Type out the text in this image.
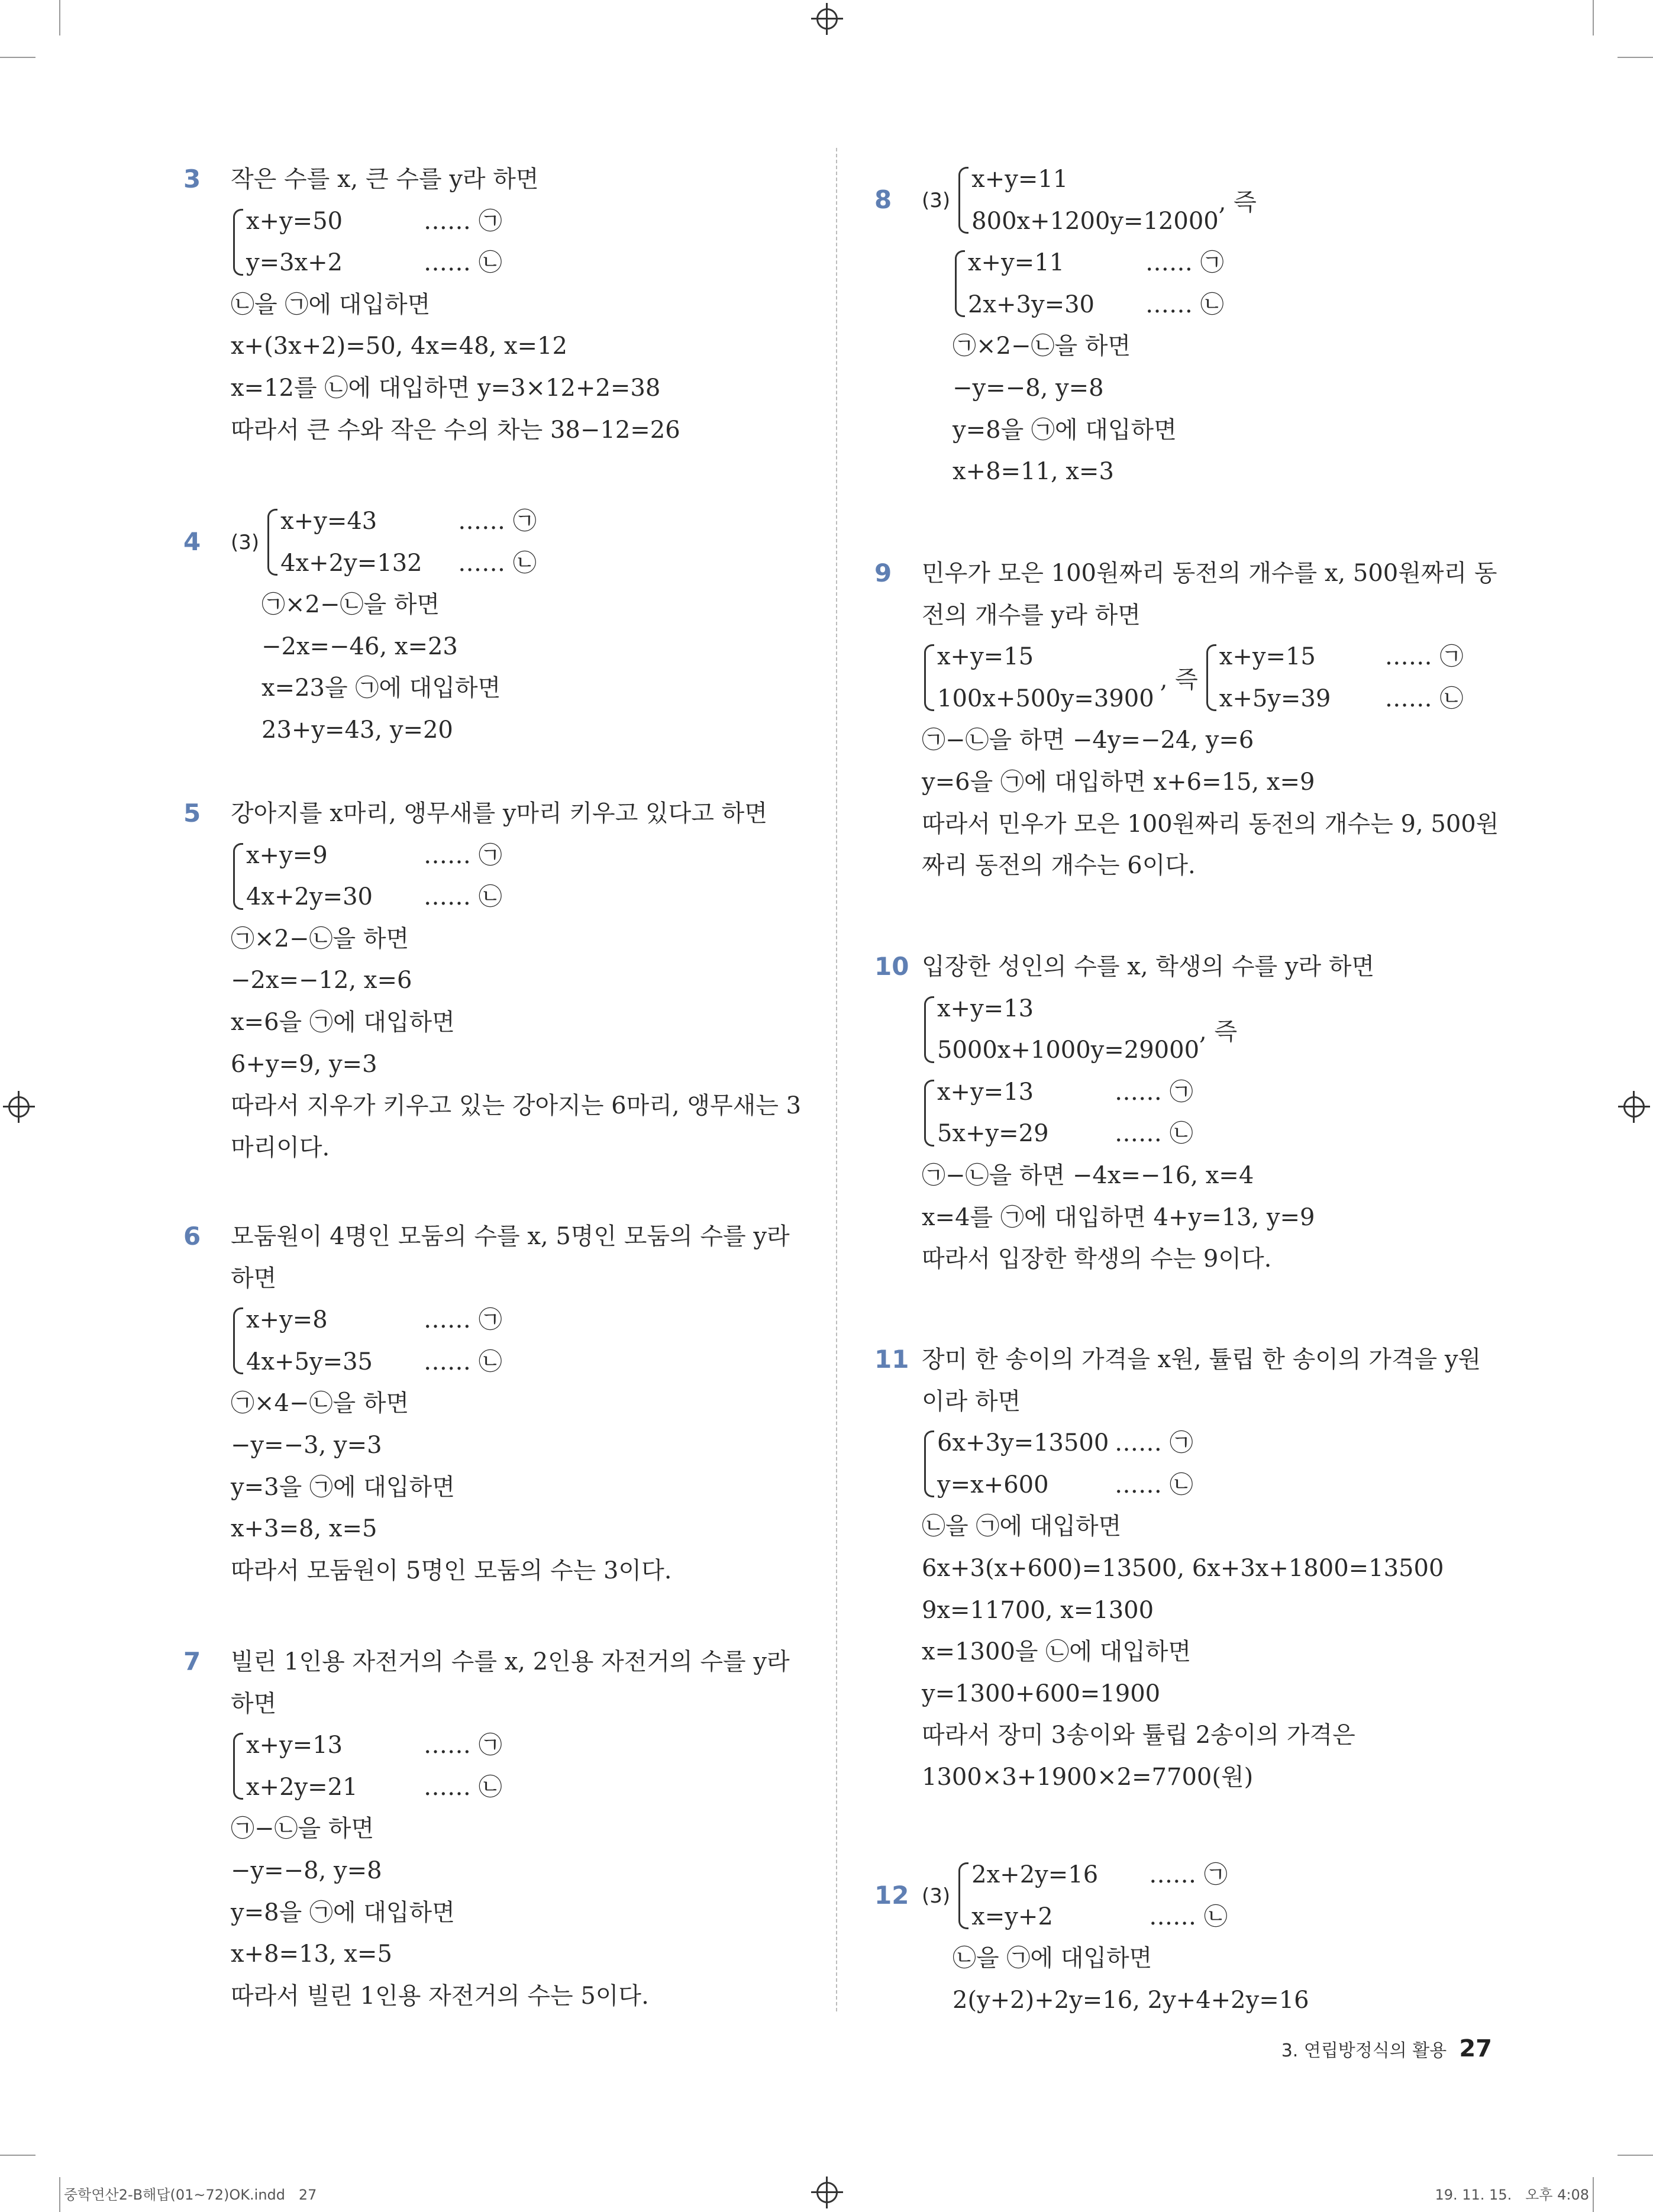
3 작은 수를 x, 큰 수를 y라 하면
x+y=50	…… ㉠
y=3x+2	…… ㉡
㉡을 ㉠에 대입하면
x+(3x+2)=50, 4x=48, x=12
x=12를 ㉡에 대입하면 y=3×12+2=38
따라서 큰 수와 작은 수의 차는 38−12=26
4 (3)
x+y=43	…… ㉠
4x+2y=132 …… ㉡
㉠×2−㉡을 하면
−2x=−46, x=23
x=23을 ㉠에 대입하면
23+y=43, y=20
5 강아지를 x마리, 앵무새를 y마리 키우고 있다고 하면
x+y=9	…… ㉠
4x+2y=30 …… ㉡
㉠×2−㉡을 하면
−2x=−12, x=6
x=6을 ㉠에 대입하면
6+y=9, y=3
따라서 지우가 키우고 있는 강아지는 6마리, 앵무새는 3
마리이다.
6 모둠원이 4명인 모둠의 수를 x, 5명인 모둠의 수를 y라
하면
x+y=8	…… ㉠
4x+5y=35 …… ㉡
㉠×4−㉡을 하면
−y=−3, y=3
y=3을 ㉠에 대입하면
x+3=8, x=5
따라서 모둠원이 5명인 모둠의 수는 3이다.
7 빌린 1인용 자전거의 수를 x, 2인용 자전거의 수를 y라
하면
x+y=13	…… ㉠
x+2y=21	…… ㉡
㉠−㉡을 하면
−y=−8, y=8
y=8을 ㉠에 대입하면
x+8=13, x=5
따라서 빌린 1인용 자전거의 수는 5이다.
8 (3)
x+y=11
800x+1200y=12000
, 즉
x+y=11	…… ㉠
2x+3y=30 …… ㉡
㉠×2−㉡을 하면
−y=−8, y=8
y=8을 ㉠에 대입하면
x+8=11, x=3
9 민우가 모은 100원짜리 동전의 개수를 x, 500원짜리 동
전의 개수를 y라 하면
x+y=15
100x+500y=3900
, 즉
x+y=15	…… ㉠
x+5y=39 …… ㉡
㉠−㉡을 하면 −4y=−24, y=6
y=6을 ㉠에 대입하면 x+6=15, x=9
따라서 민우가 모은 100원짜리 동전의 개수는 9, 500원
짜리 동전의 개수는 6이다.
10 입장한 성인의 수를 x, 학생의 수를 y라 하면
x+y=13
5000x+1000y=29000
, 즉
x+y=13	…… ㉠
5x+y=29	…… ㉡
㉠−㉡을 하면 −4x=−16, x=4
x=4를 ㉠에 대입하면 4+y=13, y=9
따라서 입장한 학생의 수는 9이다.
11 장미 한 송이의 가격을 x원, 튤립 한 송이의 가격을 y원
이라 하면
6x+3y=13500 …… ㉠
y=x+600	…… ㉡
㉡을 ㉠에 대입하면
6x+3(x+600)=13500, 6x+3x+1800=13500
9x=11700, x=1300
x=1300을 ㉡에 대입하면
y=1300+600=1900
따라서 장미 3송이와 튤립 2송이의 가격은
1300×3+1900×2=7700(원)
12 (3)
2x+2y=16 …… ㉠
x=y+2	…… ㉡
㉡을 ㉠에 대입하면
2(y+2)+2y=16, 2y+4+2y=16
3. 연립방정식의 활용 27
중학연산2-B해답(01~72)OK.indd   27	19. 11. 15.   오후 4:08
